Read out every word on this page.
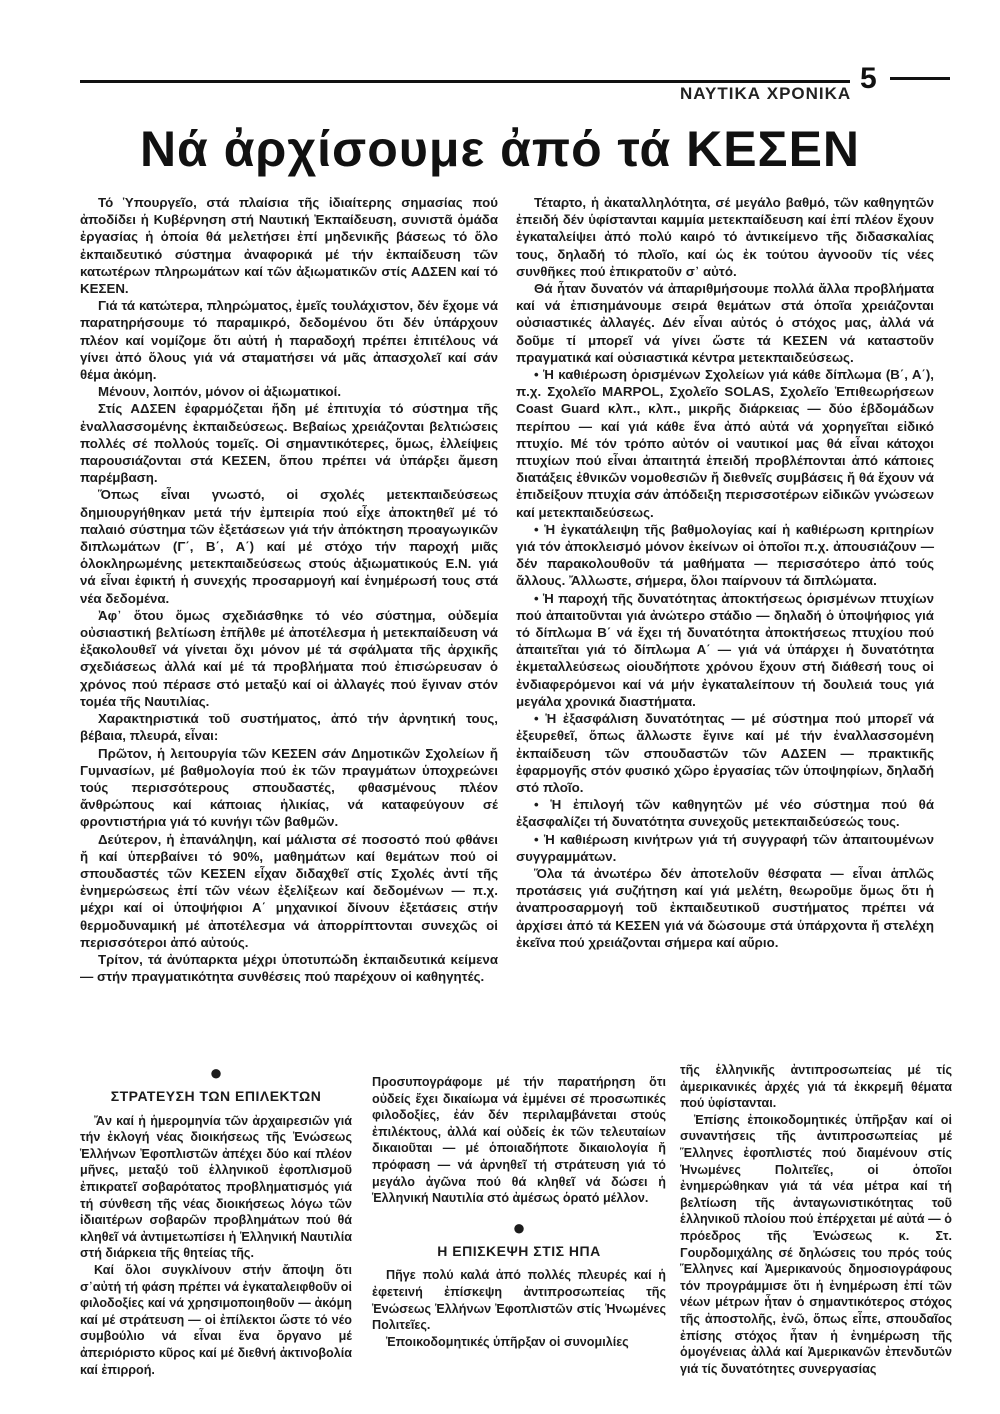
ΝΑΥΤΙΚΑ ΧΡΟΝΙΚΑ 5
Νά ἀρχίσουμε ἀπό τά ΚΕΣΕΝ

Τό Ὑπουργεῖο, στά πλαίσια τῆς ἰδιαίτερης σημασίας πού ἀποδίδει ἡ Κυβέρνηση στή Ναυτική Ἐκπαίδευση, συνιστᾶ ὁμάδα ἐργασίας ἡ ὁποία θά μελετήσει ἐπί μηδενικῆς βάσεως τό ὅλο ἐκπαιδευτικό σύστημα ἀναφορικά μέ τήν ἐκπαίδευση τῶν κατωτέρων πληρωμάτων καί τῶν ἀξιωματικῶν στίς ΑΔΣΕΝ καί τό ΚΕΣΕΝ.

Γιά τά κατώτερα, πληρώματος, ἐμεῖς τουλάχιστον, δέν ἔχομε νά παρατηρήσουμε τό παραμικρό, δεδομένου ὅτι δέν ὑπάρχουν πλέον καί νομίζομε ὅτι αὐτή ἡ παραδοχή πρέπει ἐπιτέλους νά γίνει ἀπό ὅλους γιά νά σταματήσει νά μᾶς ἀπασχολεῖ καί σάν θέμα ἀκόμη.

Μένουν, λοιπόν, μόνον οἱ ἀξιωματικοί.

Στίς ΑΔΣΕΝ ἐφαρμόζεται ἤδη μέ ἐπιτυχία τό σύστημα τῆς ἐναλλασσομένης ἐκπαιδεύσεως. Βεβαίως χρειάζονται βελτιώσεις πολλές σέ πολλούς τομεῖς. Οἱ σημαντικότερες, ὅμως, ἐλλείψεις παρουσιάζονται στά ΚΕΣΕΝ, ὅπου πρέπει νά ὑπάρξει ἄμεση παρέμβαση.

Ὅπως εἶναι γνωστό, οἱ σχολές μετεκπαιδεύσεως δημιουργήθηκαν μετά τήν ἐμπειρία πού εἶχε ἀποκτηθεῖ μέ τό παλαιό σύστημα τῶν ἐξετάσεων γιά τήν ἀπόκτηση προαγωγικῶν διπλωμάτων (Γ΄, Β΄, Α΄) καί μέ στόχο τήν παροχή μιᾶς ὁλοκληρωμένης μετεκπαιδεύσεως στούς ἀξιωματικούς Ε.Ν. γιά νά εἶναι ἐφικτή ἡ συνεχής προσαρμογή καί ἐνημέρωσή τους στά νέα δεδομένα.

Ἀφ᾽ ὅτου ὅμως σχεδιάσθηκε τό νέο σύστημα, οὐδεμία οὐσιαστική βελτίωση ἐπῆλθε μέ ἀποτέλεσμα ἡ μετεκπαίδευση νά ἐξακολουθεῖ νά γίνεται ὄχι μόνον μέ τά σφάλματα τῆς ἀρχικῆς σχεδιάσεως ἀλλά καί μέ τά προβλήματα πού ἐπισώρευσαν ὁ χρόνος πού πέρασε στό μεταξύ καί οἱ ἀλλαγές πού ἔγιναν στόν τομέα τῆς Ναυτιλίας.

Χαρακτηριστικά τοῦ συστήματος, ἀπό τήν ἀρνητική τους, βέβαια, πλευρά, εἶναι:

Πρῶτον, ἡ λειτουργία τῶν ΚΕΣΕΝ σάν Δημοτικῶν Σχολείων ἤ Γυμνασίων, μέ βαθμολογία πού ἐκ τῶν πραγμάτων ὑποχρεώνει τούς περισσότερους σπουδαστές, φθασμένους πλέον ἄνθρώπους καί κάποιας ἡλικίας, νά καταφεύγουν σέ φροντιστήρια γιά τό κυνήγι τῶν βαθμῶν.

Δεύτερον, ἡ ἐπανάληψη, καί μάλιστα σέ ποσοστό πού φθάνει ἤ καί ὑπερβαίνει τό 90%, μαθημάτων καί θεμάτων πού οἱ σπουδαστές τῶν ΚΕΣΕΝ εἶχαν διδαχθεῖ στίς Σχολές ἀντί τῆς ἐνημερώσεως ἐπί τῶν νέων ἐξελίξεων καί δεδομένων — π.χ. μέχρι καί οἱ ὑποψήφιοι Α΄ μηχανικοί δίνουν ἐξετάσεις στήν θερμοδυναμική μέ ἀποτέλεσμα νά ἀπορρίπτονται συνεχῶς οἱ περισσότεροι ἀπό αὐτούς.

Τρίτον, τά ἀνύπαρκτα μέχρι ὑποτυπώδη ἐκπαιδευτικά κείμενα — στήν πραγματικότητα συνθέσεις πού παρέχουν οἱ καθηγητές.

Τέταρτο, ἡ ἀκαταλληλότητα, σέ μεγάλο βαθμό, τῶν καθηγητῶν ἐπειδή δέν ὑφίστανται καμμία μετεκπαίδευση καί ἐπί πλέον ἔχουν ἐγκαταλείψει ἀπό πολύ καιρό τό ἀντικείμενο τῆς διδασκαλίας τους, δηλαδή τό πλοῖο, καί ὡς ἐκ τούτου ἀγνοοῦν τίς νέες συνθῆκες πού ἐπικρατοῦν σ᾽ αὐτό.

Θά ἦταν δυνατόν νά ἀπαριθμήσουμε πολλά ἄλλα προβλήματα καί νά ἐπισημάνουμε σειρά θεμάτων στά ὁποῖα χρειάζονται οὐσιαστικές ἀλλαγές. Δέν εἶναι αὐτός ὁ στόχος μας, ἀλλά νά δοῦμε τί μπορεῖ νά γίνει ὥστε τά ΚΕΣΕΝ νά καταστοῦν πραγματικά καί οὐσιαστικά κέντρα μετεκπαιδεύσεως.

• Ἡ καθιέρωση ὁρισμένων Σχολείων γιά κάθε δίπλωμα (Β΄, Α΄), π.χ. Σχολεῖο MARPOL, Σχολεῖο SOLAS, Σχολεῖο Ἐπιθεωρήσεων Coast Guard κλπ., κλπ., μικρῆς διάρκειας — δύο ἑβδομάδων περίπου — καί γιά κάθε ἕνα ἀπό αὐτά νά χορηγεῖται εἰδικό πτυχίο. Μέ τόν τρόπο αὐτόν οἱ ναυτικοί μας θά εἶναι κάτοχοι πτυχίων πού εἶναι ἀπαιτητά ἐπειδή προβλέπονται ἀπό κάποιες διατάξεις ἐθνικῶν νομοθεσιῶν ἤ διεθνεῖς συμβάσεις ἤ θά ἔχουν νά ἐπιδείξουν πτυχία σάν ἀπόδειξη περισσοτέρων εἰδικῶν γνώσεων καί μετεκπαιδεύσεως.

• Ἡ ἐγκατάλειψη τῆς βαθμολογίας καί ἡ καθιέρωση κριτηρίων γιά τόν ἀποκλεισμό μόνον ἐκείνων οἱ ὁποῖοι π.χ. ἀπουσιάζουν — δέν παρακολουθοῦν τά μαθήματα — περισσότερο ἀπό τούς ἄλλους. Ἄλλωστε, σήμερα, ὅλοι παίρνουν τά διπλώματα.

• Ἡ παροχή τῆς δυνατότητας ἀποκτήσεως ὁρισμένων πτυχίων πού ἀπαιτοῦνται γιά ἀνώτερο στάδιο — δηλαδή ὁ ὑποψήφιος γιά τό δίπλωμα Β΄ νά ἔχει τή δυνατότητα ἀποκτήσεως πτυχίου πού ἀπαιτεῖται γιά τό δίπλωμα Α΄ — γιά νά ὑπάρχει ἡ δυνατότητα ἐκμεταλλεύσεως οἱουδήποτε χρόνου ἔχουν στή διάθεσή τους οἱ ἐνδιαφερόμενοι καί νά μήν ἐγκαταλείπουν τή δουλειά τους γιά μεγάλα χρονικά διαστήματα.

• Ἡ ἐξασφάλιση δυνατότητας — μέ σύστημα πού μπορεῖ νά ἐξευρεθεῖ, ὅπως ἄλλωστε ἔγινε καί μέ τήν ἐναλλασσομένη ἐκπαίδευση τῶν σπουδαστῶν τῶν ΑΔΣΕΝ — πρακτικῆς ἐφαρμογῆς στόν φυσικό χῶρο ἐργασίας τῶν ὑποψηφίων, δηλαδή στό πλοῖο.

• Ἡ ἐπιλογή τῶν καθηγητῶν μέ νέο σύστημα πού θά ἐξασφαλίζει τή δυνατότητα συνεχοῦς μετεκπαιδεύσεώς τους.

• Ἡ καθιέρωση κινήτρων γιά τή συγγραφή τῶν ἀπαιτουμένων συγγραμμάτων.

Ὅλα τά ἀνωτέρω δέν ἀποτελοῦν θέσφατα — εἶναι ἁπλῶς προτάσεις γιά συζήτηση καί γιά μελέτη, θεωροῦμε ὅμως ὅτι ἡ ἀναπροσαρμογή τοῦ ἐκπαιδευτικοῦ συστήματος πρέπει νά ἀρχίσει ἀπό τά ΚΕΣΕΝ γιά νά δώσουμε στά ὑπάρχοντα ἤ στελέχη ἐκεῖνα πού χρειάζονται σήμερα καί αὔριο.

●
ΣΤΡΑΤΕΥΣΗ ΤΩΝ ΕΠΙΛΕΚΤΩΝ

Ἄν καί ἡ ἡμερομηνία τῶν ἀρχαιρεσιῶν γιά τήν ἐκλογή νέας διοικήσεως τῆς Ἐνώσεως Ἑλλήνων Ἐφοπλιστῶν ἀπέχει δύο καί πλέον μῆνες, μεταξύ τοῦ ἑλληνικοῦ ἐφοπλισμοῦ ἐπικρατεῖ σοβαρότατος προβληματισμός γιά τή σύνθεση τῆς νέας διοικήσεως λόγω τῶν ἰδιαιτέρων σοβαρῶν προβλημάτων πού θά κληθεῖ νά ἀντιμετωπίσει ἡ Ἑλληνική Ναυτιλία στή διάρκεια τῆς θητείας τῆς.

Καί ὅλοι συγκλίνουν στήν ἄποψη ὅτι σ᾽αὐτή τή φάση πρέπει νά ἐγκαταλειφθοῦν οἱ φιλοδοξίες καί νά χρησιμοποιηθοῦν — ἀκόμη καί μέ στράτευση — οἱ ἐπίλεκτοι ὥστε τό νέο συμβούλιο νά εἶναι ἕνα ὄργανο μέ ἀπεριόριστο κῦρος καί μέ διεθνή ἀκτινοβολία καί ἐπιρροή.

Προσυπογράφομε μέ τήν παρατήρηση ὅτι οὐδείς ἔχει δικαίωμα νά ἐμμένει σέ προσωπικές φιλοδοξίες, ἐάν δέν περιλαμβάνεται στούς ἐπιλέκτους, ἀλλά καί οὐδείς ἐκ τῶν τελευταίων δικαιοῦται — μέ ὁποιαδήποτε δικαιολογία ἤ πρόφαση — νά ἀρνηθεῖ τή στράτευση γιά τό μεγάλο ἀγῶνα πού θά κληθεῖ νά δώσει ἡ Ἑλληνική Ναυτιλία στό ἀμέσως ὁρατό μέλλον.

●
Η ΕΠΙΣΚΕΨΗ ΣΤΙΣ ΗΠΑ

Πῆγε πολύ καλά ἀπό πολλές πλευρές καί ἡ ἐφετεινή ἐπίσκεψη ἀντιπροσωπείας τῆς Ἐνώσεως Ἑλλήνων Ἐφοπλιστῶν στίς Ἡνωμένες Πολιτεῖες.

Ἐποικοδομητικές ὑπῆρξαν οἱ συνομιλίες

τῆς ἑλληνικῆς ἀντιπροσωπείας μέ τίς ἀμερικανικές ἀρχές γιά τά ἐκκρεμῆ θέματα πού ὑφίστανται.

Ἐπίσης ἐποικοδομητικές ὑπῆρξαν καί οἱ συναντήσεις τῆς ἀντιπροσωπείας μέ Ἕλληνες ἐφοπλιστές πού διαμένουν στίς Ἡνωμένες Πολιτεῖες, οἱ ὁποῖοι ἐνημερώθηκαν γιά τά νέα μέτρα καί τή βελτίωση τῆς ἀνταγωνιστικότητας τοῦ ἑλληνικοῦ πλοίου πού ἐπέρχεται μέ αὐτά — ὁ πρόεδρος τῆς Ἐνώσεως κ. Στ. Γουρδομιχάλης σέ δηλώσεις του πρός τούς Ἕλληνες καί Ἀμερικανούς δημοσιογράφους τόν προγράμμισε ὅτι ἡ ἐνημέρωση ἐπί τῶν νέων μέτρων ἦταν ὁ σημαντικότερος στόχος τῆς ἀποστολῆς, ἐνῶ, ὅπως εἶπε, σπουδαῖος ἐπίσης στόχος ἦταν ἡ ἐνημέρωση τῆς ὁμογένειας ἀλλά καί Ἀμερικανῶν ἐπενδυτῶν γιά τίς δυνατότητες συνεργασίας
